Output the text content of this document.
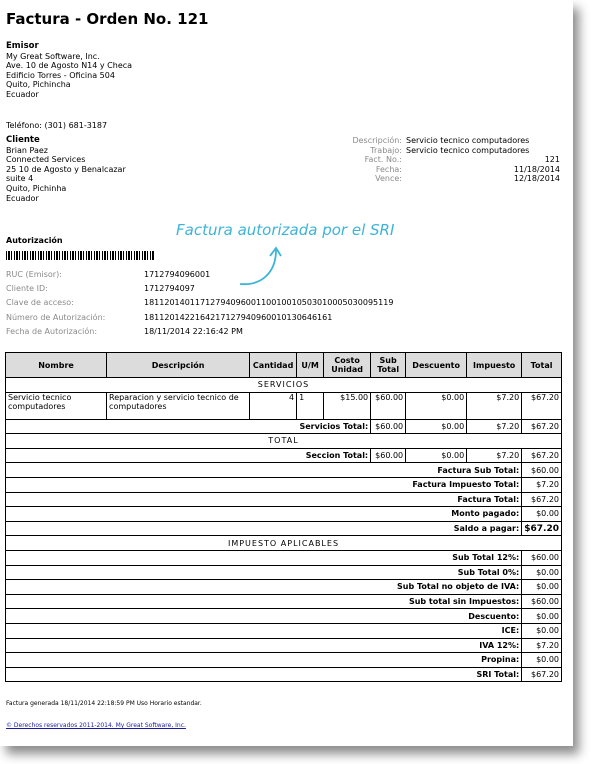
Factura - Orden No. 121
Emisor
My Great Software, Inc.
Ave. 10 de Agosto N14 y Checa
Edificio Torres - Oficina 504
Quito, Pichincha
Ecuador
Teléfono: (301) 681-3187
Cliente
Brian Paez
Connected Services
25 10 de Agosto y Benalcazar
suite 4
Quito, Pichinha
Ecuador
Descripción: Servicio tecnico computadores
Trabajo: Servicio tecnico computadores
Fact. No.:	121
Fecha:	11/18/2014
Vence:	12/18/2014
Autorización
Factura autorizada por el SRI
RUC (Emisor):	1712794096001
Cliente ID:	1712794097
Clave de acceso:	1811201401171279409600110010010503010005030095119
Número de Autorización:	1811201422164217127940960010130646161
Fecha de Autorización:	18/11/2014 22:16:42 PM
Nombre	Descripción	Cantidad	U/M	Costo Unidad	Sub Total	Descuento	Impuesto	Total
SERVICIOS								
Servicio tecnico computadores	Reparacion y servicio tecnico de computadores	4	1	$15.00	$60.00	$0.00	$7.20	$67.20
Servicios Total:					$60.00	$0.00	$7.20	$67.20
TOTAL								
Seccion Total:					$60.00	$0.00	$7.20	$67.20
Factura Sub Total:								$60.00
Factura Impuesto Total:								$7.20
Factura Total:								$67.20
Monto pagado:								$0.00
Saldo a pagar:								$67.20
IMPUESTO APLICABLES								
Sub Total 12%:								$60.00
Sub Total 0%:								$0.00
Sub Total no objeto de IVA:								$0.00
Sub total sin Impuestos:								$60.00
Descuento:								$0.00
ICE:								$0.00
IVA 12%:								$7.20
Propina:								$0.00
SRI Total:								$67.20
Factura generada 18/11/2014 22:18:59 PM Uso Horario estandar.
© Derechos reservados 2011-2014. My Great Software, Inc.
